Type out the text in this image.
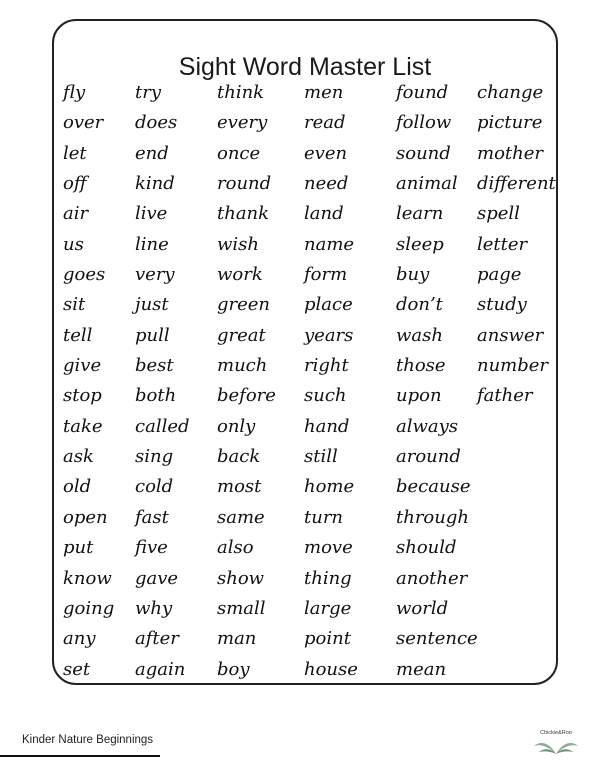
Sight Word Master List
fly
over
let
off
air
us
goes
sit
tell
give
stop
take
ask
old
open
put
know
going
any
set
try
does
end
kind
live
line
very
just
pull
best
both
called
sing
cold
fast
five
gave
why
after
again
think
every
once
round
thank
wish
work
green
great
much
before
only
back
most
same
also
show
small
man
boy
men
read
even
need
land
name
form
place
years
right
such
hand
still
home
turn
move
thing
large
point
house
found
follow
sound
animal
learn
sleep
buy
don’t
wash
those
upon
always
around
because
through
should
another
world
sentence
mean
change
picture
mother
different
spell
letter
page
study
answer
number
father
Kinder Nature Beginnings
Chickie&Roo
